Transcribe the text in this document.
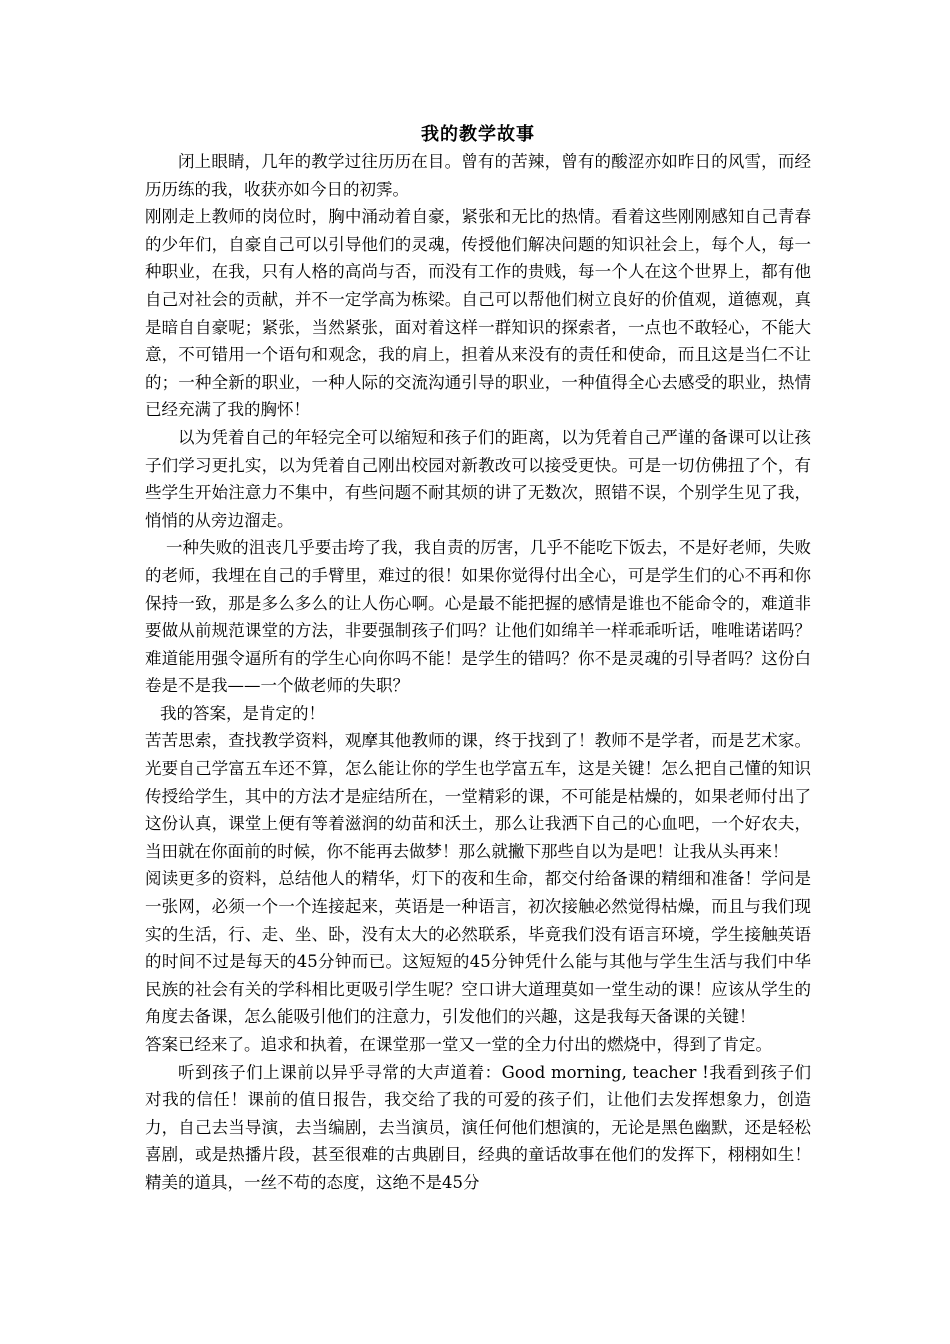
我的教学故事

闭上眼睛，几年的教学过往历历在目。曾有的苦辣，曾有的酸涩亦如昨日的风雪，而经历历练的我，收获亦如今日的初霁。

刚刚走上教师的岗位时，胸中涌动着自豪，紧张和无比的热情。看着这些刚刚感知自己青春的少年们，自豪自己可以引导他们的灵魂，传授他们解决问题的知识社会上，每个人，每一种职业，在我，只有人格的高尚与否，而没有工作的贵贱，每一个人在这个世界上，都有他自己对社会的贡献，并不一定学高为栋梁。自己可以帮他们树立良好的价值观，道德观，真是暗自自豪呢；紧张，当然紧张，面对着这样一群知识的探索者，一点也不敢轻心，不能大意，不可错用一个语句和观念，我的肩上，担着从来没有的责任和使命，而且这是当仁不让的；一种全新的职业，一种人际的交流沟通引导的职业，一种值得全心去感受的职业，热情已经充满了我的胸怀！

以为凭着自己的年轻完全可以缩短和孩子们的距离，以为凭着自己严谨的备课可以让孩子们学习更扎实，以为凭着自己刚出校园对新教改可以接受更快。可是一切仿佛扭了个，有些学生开始注意力不集中，有些问题不耐其烦的讲了无数次，照错不误，个别学生见了我，悄悄的从旁边溜走。

一种失败的沮丧几乎要击垮了我，我自责的厉害，几乎不能吃下饭去，不是好老师，失败的老师，我埋在自己的手臂里，难过的很！如果你觉得付出全心，可是学生们的心不再和你保持一致，那是多么多么的让人伤心啊。心是最不能把握的感情是谁也不能命令的，难道非要做从前规范课堂的方法，非要强制孩子们吗？让他们如绵羊一样乖乖听话，唯唯诺诺吗？难道能用强令逼所有的学生心向你吗不能！是学生的错吗？你不是灵魂的引导者吗？这份白卷是不是我——一个做老师的失职？

我的答案，是肯定的！

苦苦思索，查找教学资料，观摩其他教师的课，终于找到了！教师不是学者，而是艺术家。光要自己学富五车还不算，怎么能让你的学生也学富五车，这是关键！怎么把自己懂的知识传授给学生，其中的方法才是症结所在，一堂精彩的课，不可能是枯燥的，如果老师付出了这份认真，课堂上便有等着滋润的幼苗和沃土，那么让我洒下自己的心血吧，一个好农夫，当田就在你面前的时候，你不能再去做梦！那么就撇下那些自以为是吧！让我从头再来！

阅读更多的资料，总结他人的精华，灯下的夜和生命，都交付给备课的精细和准备！学问是一张网，必须一个一个连接起来，英语是一种语言，初次接触必然觉得枯燥，而且与我们现实的生活，行、走、坐、卧，没有太大的必然联系，毕竟我们没有语言环境，学生接触英语的时间不过是每天的45分钟而已。这短短的45分钟凭什么能与其他与学生生活与我们中华民族的社会有关的学科相比更吸引学生呢？空口讲大道理莫如一堂生动的课！应该从学生的角度去备课，怎么能吸引他们的注意力，引发他们的兴趣，这是我每天备课的关键！

答案已经来了。追求和执着，在课堂那一堂又一堂的全力付出的燃烧中，得到了肯定。

听到孩子们上课前以异乎寻常的大声道着：Good morning, teacher !我看到孩子们对我的信任！课前的值日报告，我交给了我的可爱的孩子们，让他们去发挥想象力，创造力，自己去当导演，去当编剧，去当演员，演任何他们想演的，无论是黑色幽默，还是轻松喜剧，或是热播片段，甚至很难的古典剧目，经典的童话故事在他们的发挥下，栩栩如生！精美的道具，一丝不苟的态度，这绝不是45分
